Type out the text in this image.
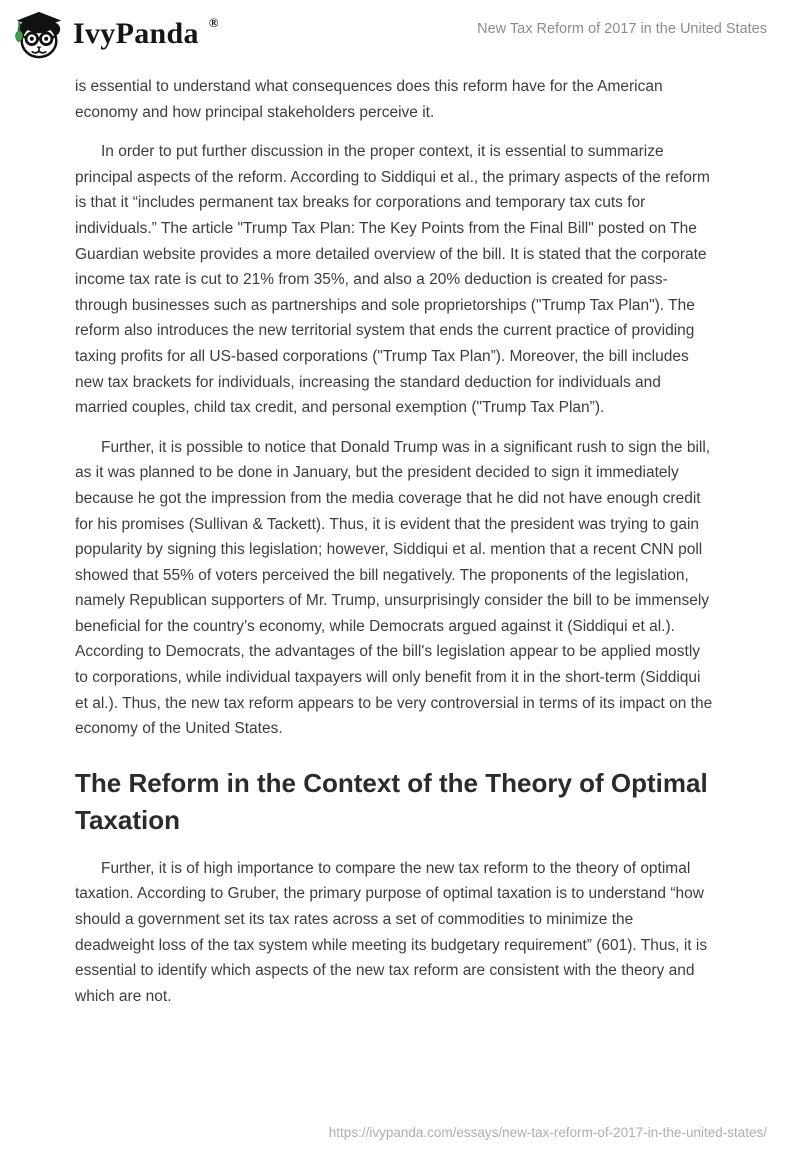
IvyPanda ®	New Tax Reform of 2017 in the United States

is essential to understand what consequences does this reform have for the American economy and how principal stakeholders perceive it.

In order to put further discussion in the proper context, it is essential to summarize principal aspects of the reform. According to Siddiqui et al., the primary aspects of the reform is that it “includes permanent tax breaks for corporations and temporary tax cuts for individuals.” The article "Trump Tax Plan: The Key Points from the Final Bill" posted on The Guardian website provides a more detailed overview of the bill. It is stated that the corporate income tax rate is cut to 21% from 35%, and also a 20% deduction is created for pass-through businesses such as partnerships and sole proprietorships ("Trump Tax Plan"). The reform also introduces the new territorial system that ends the current practice of providing taxing profits for all US-based corporations ("Trump Tax Plan”). Moreover, the bill includes new tax brackets for individuals, increasing the standard deduction for individuals and married couples, child tax credit, and personal exemption ("Trump Tax Plan”).

Further, it is possible to notice that Donald Trump was in a significant rush to sign the bill, as it was planned to be done in January, but the president decided to sign it immediately because he got the impression from the media coverage that he did not have enough credit for his promises (Sullivan & Tackett). Thus, it is evident that the president was trying to gain popularity by signing this legislation; however, Siddiqui et al. mention that a recent CNN poll showed that 55% of voters perceived the bill negatively. The proponents of the legislation, namely Republican supporters of Mr. Trump, unsurprisingly consider the bill to be immensely beneficial for the country’s economy, while Democrats argued against it (Siddiqui et al.). According to Democrats, the advantages of the bill's legislation appear to be applied mostly to corporations, while individual taxpayers will only benefit from it in the short-term (Siddiqui et al.). Thus, the new tax reform appears to be very controversial in terms of its impact on the economy of the United States.

The Reform in the Context of the Theory of Optimal Taxation

Further, it is of high importance to compare the new tax reform to the theory of optimal taxation. According to Gruber, the primary purpose of optimal taxation is to understand “how should a government set its tax rates across a set of commodities to minimize the deadweight loss of the tax system while meeting its budgetary requirement” (601). Thus, it is essential to identify which aspects of the new tax reform are consistent with the theory and which are not.

https://ivypanda.com/essays/new-tax-reform-of-2017-in-the-united-states/
